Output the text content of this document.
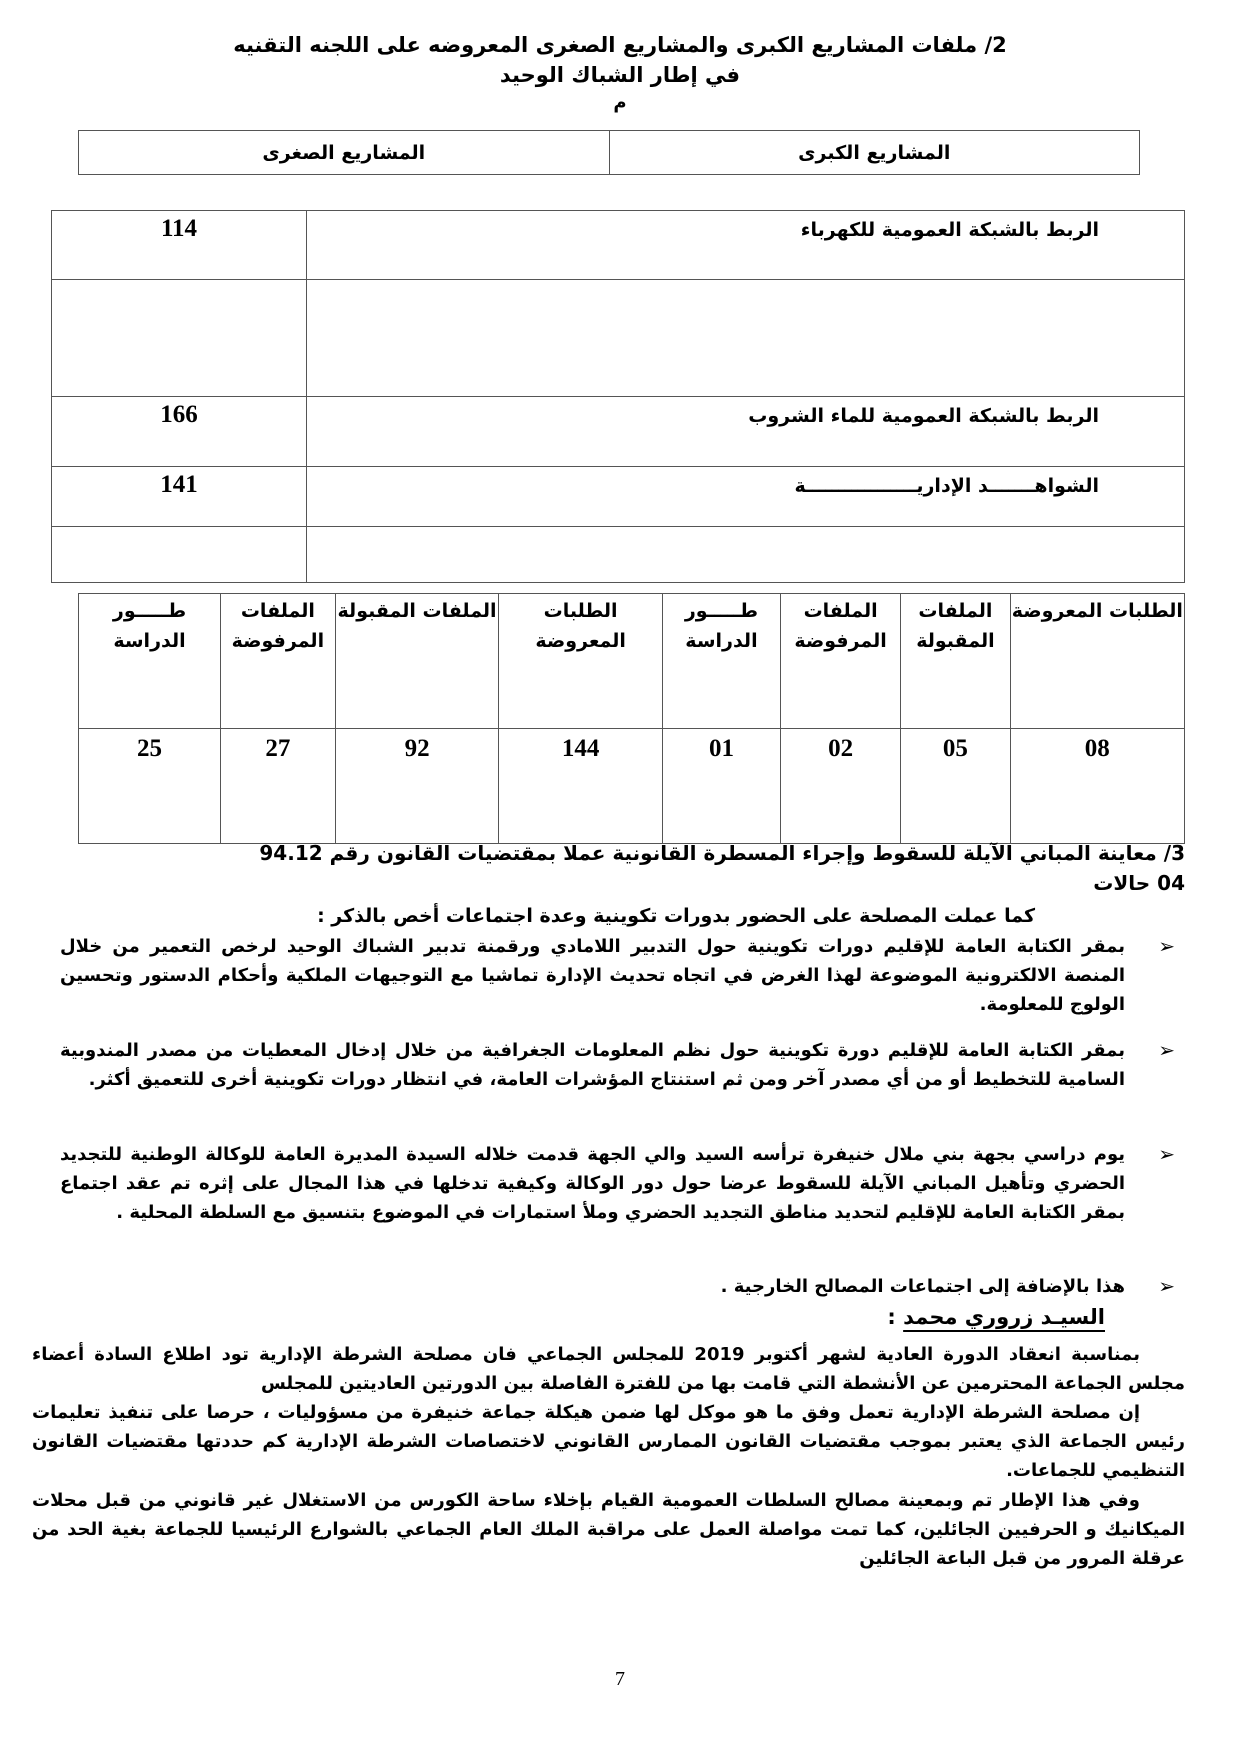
2/ ملفات المشاريع الكبرى والمشاريع الصغرى المعروضه على اللجنه التقنيه
في إطار الشباك الوحيد
م
المشاريع الكبرى	المشاريع الصغرى
الربط بالشبكة العمومية للكهرباء	114

الربط بالشبكة العمومية للماء الشروب	166
الشواهـــــــد الإداريـــــــــــــــــة	141

الطلبات المعروضة	الملفات المقبولة	الملفات المرفوضة	طـــــور الدراسة	الطلبات المعروضة	الملفات المقبولة	الملفات المرفوضة	طـــــور الدراسة
08	05	02	01	144	92	27	25
3/ معاينة المباني الآيلة للسقوط وإجراء المسطرة القانونية عملا بمقتضيات القانون رقم 94.12
04 حالات
كما عملت المصلحة على الحضور بدورات تكوينية وعدة اجتماعات أخص بالذكر :
➢
بمقر الكتابة العامة للإقليم دورات تكوينية حول التدبير اللامادي ورقمنة تدبير الشباك الوحيد لرخص التعمير من خلال المنصة الالكترونية الموضوعة لهذا الغرض في اتجاه تحديث الإدارة تماشيا مع التوجيهات الملكية وأحكام الدستور وتحسين الولوج للمعلومة.
➢
بمقر الكتابة العامة للإقليم دورة تكوينية حول نظم المعلومات الجغرافية من خلال إدخال المعطيات من مصدر المندوبية السامية للتخطيط أو من أي مصدر آخر ومن ثم استنتاج المؤشرات العامة، في انتظار دورات تكوينية أخرى للتعميق أكثر.
➢
يوم دراسي بجهة بني ملال خنيفرة ترأسه السيد والي الجهة قدمت خلاله السيدة المديرة العامة للوكالة الوطنية للتجديد الحضري وتأهيل المباني الآيلة للسقوط عرضا حول دور الوكالة وكيفية تدخلها في هذا المجال على إثره تم عقد اجتماع بمقر الكتابة العامة للإقليم لتحديد مناطق التجديد الحضري وملأ استمارات في الموضوع بتنسيق مع السلطة المحلية .
➢
هذا بالإضافة إلى اجتماعات المصالح الخارجية .
السيـد زروري محمد :
بمناسبة انعقاد الدورة العادية لشهر أكتوبر 2019 للمجلس الجماعي فان مصلحة الشرطة الإدارية تود اطلاع السادة أعضاء مجلس الجماعة المحترمين عن الأنشطة التي قامت بها من للفترة الفاصلة بين الدورتين العاديتين للمجلس
إن مصلحة الشرطة الإدارية تعمل وفق ما هو موكل لها ضمن هيكلة جماعة خنيفرة من مسؤوليات ، حرصا على تنفيذ تعليمات رئيس الجماعة الذي يعتبر بموجب مقتضيات القانون الممارس القانوني لاختصاصات الشرطة الإدارية كم حددتها مقتضيات القانون التنظيمي للجماعات.
وفي هذا الإطار تم وبمعينة مصالح السلطات العمومية القيام بإخلاء ساحة الكورس من الاستغلال غير قانوني من قبل محلات الميكانيك و الحرفيين الجائلين، كما تمت مواصلة العمل على مراقبة الملك العام الجماعي بالشوارع الرئيسيا للجماعة بغية الحد من عرقلة المرور من قبل الباعة الجائلين
7
